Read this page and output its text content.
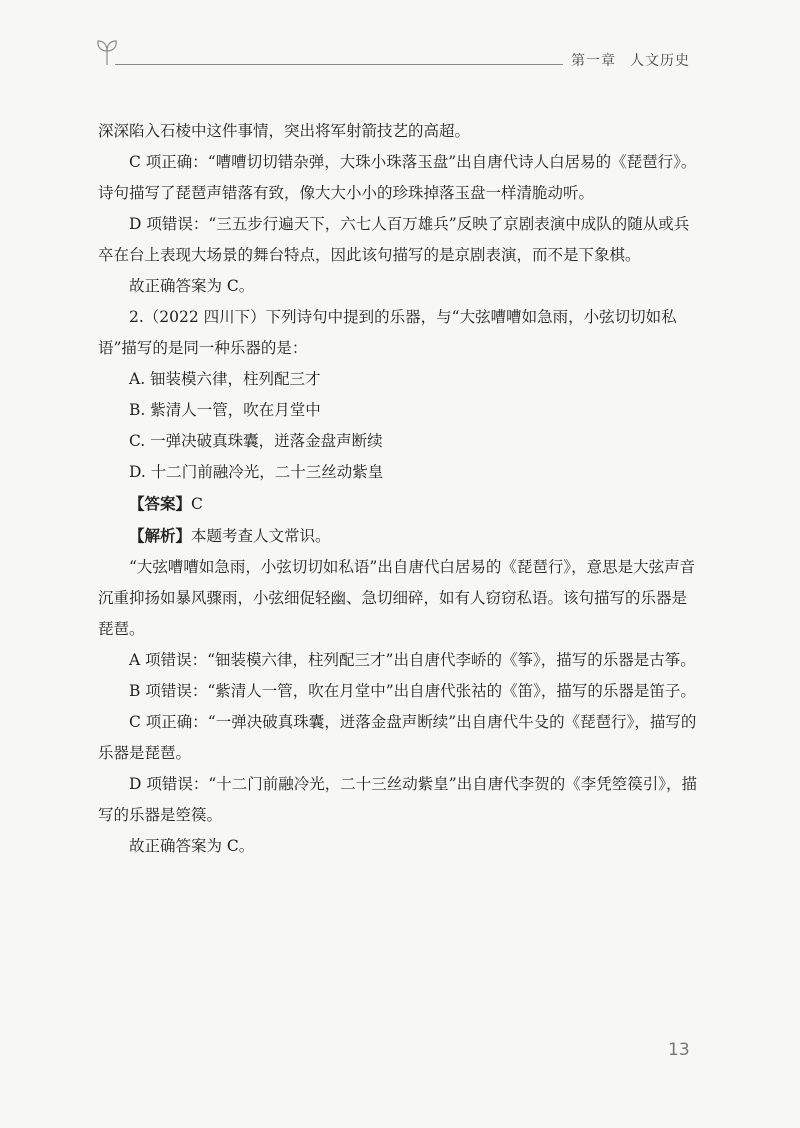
第一章 人文历史

深深陷入石棱中这件事情，突出将军射箭技艺的高超。

C 项正确：“嘈嘈切切错杂弹，大珠小珠落玉盘”出自唐代诗人白居易的《琵琶行》。诗句描写了琵琶声错落有致，像大大小小的珍珠掉落玉盘一样清脆动听。

D 项错误：“三五步行遍天下，六七人百万雄兵”反映了京剧表演中成队的随从或兵卒在台上表现大场景的舞台特点，因此该句描写的是京剧表演，而不是下象棋。

故正确答案为 C。

2.（2022 四川下）下列诗句中提到的乐器，与“大弦嘈嘈如急雨，小弦切切如私语”描写的是同一种乐器的是：

A. 钿装模六律，柱列配三才

B. 紫清人一管，吹在月堂中

C. 一弹决破真珠囊，迸落金盘声断续

D. 十二门前融冷光，二十三丝动紫皇

【答案】C

【解析】本题考查人文常识。

“大弦嘈嘈如急雨，小弦切切如私语”出自唐代白居易的《琵琶行》，意思是大弦声音沉重抑扬如暴风骤雨，小弦细促轻幽、急切细碎，如有人窃窃私语。该句描写的乐器是琵琶。

A 项错误：“钿装模六律，柱列配三才”出自唐代李峤的《筝》，描写的乐器是古筝。

B 项错误：“紫清人一管，吹在月堂中”出自唐代张祜的《笛》，描写的乐器是笛子。

C 项正确：“一弹决破真珠囊，迸落金盘声断续”出自唐代牛殳的《琵琶行》，描写的乐器是琵琶。

D 项错误：“十二门前融冷光，二十三丝动紫皇”出自唐代李贺的《李凭箜篌引》，描写的乐器是箜篌。

故正确答案为 C。

13
